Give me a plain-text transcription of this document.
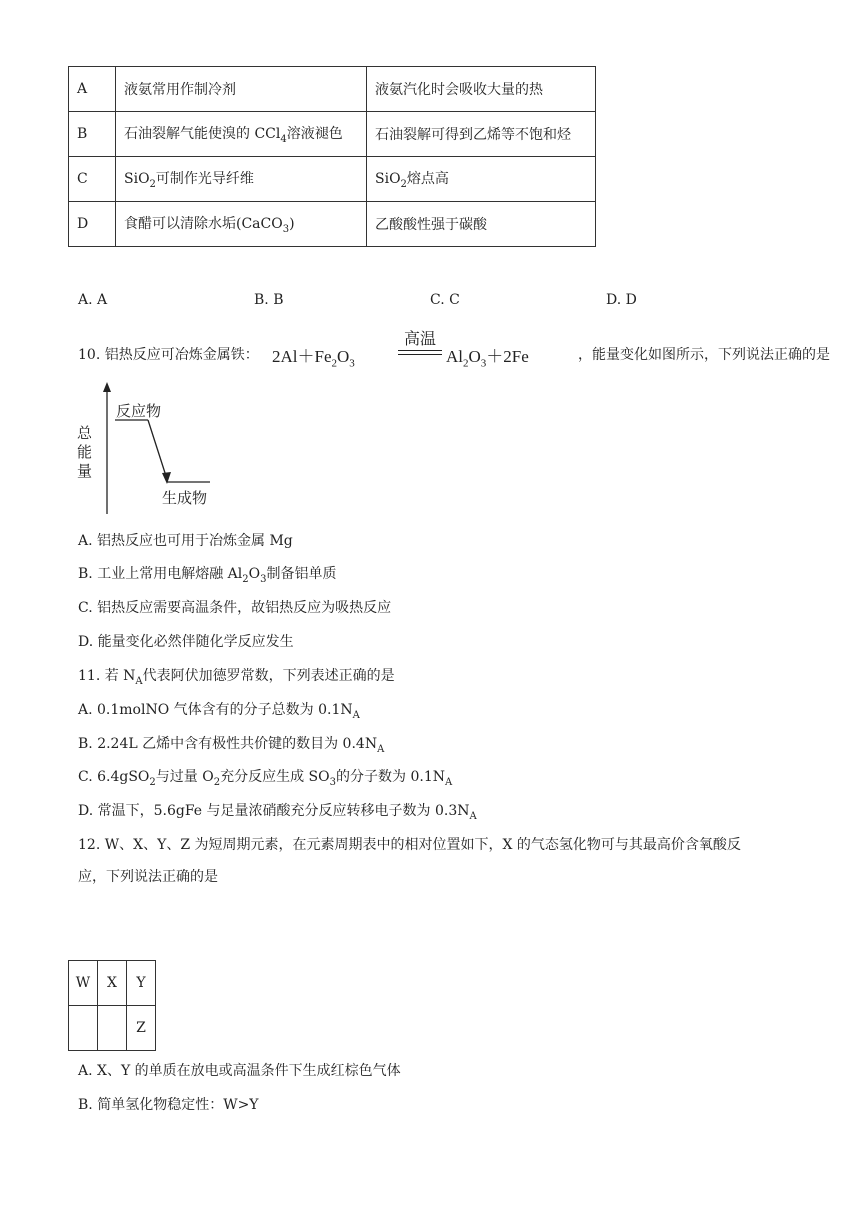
A	液氨常用作制冷剂	液氨汽化时会吸收大量的热
B	石油裂解气能使溴的 CCl$_4$溶液褪色	石油裂解可得到乙烯等不饱和烃
C	SiO$_2$可制作光导纤维	SiO$_2$熔点高
D	食醋可以清除水垢(CaCO$_3$)	乙酸酸性强于碳酸
A. A	B. B	C. C	D. D
10. 铝热反应可冶炼金属铁： $2Al+Fe_2O_3$
高温
$Al_2O_3+2Fe$	，能量变化如图所示，下列说法正确的是
总能量
反应物
生成物
A. 铝热反应也可用于冶炼金属 Mg
B. 工业上常用电解熔融 $Al_2O_3$制备铝单质
C. 铝热反应需要高温条件，故铝热反应为吸热反应
D. 能量变化必然伴随化学反应发生
11. 若 $N_A$代表阿伏加德罗常数，下列表述正确的是
A. 0.1molNO 气体含有的分子总数为 $0.1N_A$
B. 2.24L 乙烯中含有极性共价键的数目为 $0.4N_A$
C. 6.4gSO$_2$与过量 $O_2$充分反应生成 $SO_3$的分子数为 $0.1N_A$
D. 常温下，5.6gFe 与足量浓硝酸充分反应转移电子数为 $0.3N_A$
12. W、X、Y、Z 为短周期元素，在元素周期表中的相对位置如下，X 的气态氢化物可与其最高价含氧酸反
应，下列说法正确的是
W	X	Y
		Z
A. X、Y 的单质在放电或高温条件下生成红棕色气体
B. 简单氢化物稳定性：W>Y
